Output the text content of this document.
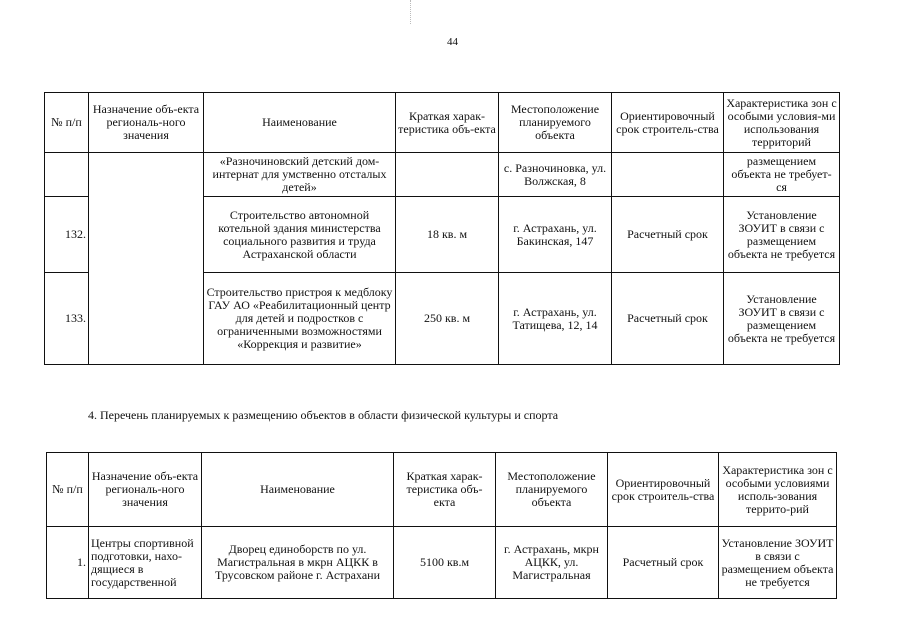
44
№ п/п	Назначение объ-екта региональ-ного значения	Наименование	Краткая харак-теристика объ-екта	Местоположение планируемого объекта	Ориентировочный срок строитель-ства	Характеристика зон с особыми условия-ми использования территорий
		«Разночиновский детский дом-интернат для умственно отсталых детей»		с. Разночиновка, ул. Волжская, 8		размещением объекта не требует-ся
132.		Строительство автономной котельной здания министерства социального развития и труда Астраханской области	18 кв. м	г. Астрахань, ул. Бакинская, 147	Расчетный срок	Установление ЗОУИТ в связи с размещением объекта не требуется
133.		Строительство пристроя к медблоку ГАУ АО «Реабилитационный центр для детей и подростков с ограниченными возможностями «Коррекция и развитие»	250 кв. м	г. Астрахань, ул. Татищева, 12, 14	Расчетный срок	Установление ЗОУИТ в связи с размещением объекта не требуется
4. Перечень планируемых к размещению объектов в области физической культуры и спорта
№ п/п	Назначение объ-екта региональ-ного значения	Наименование	Краткая харак-теристика объ-екта	Местоположение планируемого объекта	Ориентировочный срок строитель-ства	Характеристика зон с особыми условиями исполь-зования террито-рий
1.	Центры спортивной подготовки, нахо-дящиеся в государственной	Дворец единоборств по ул. Магистральная в мкрн АЦКК в Трусовском районе г. Астрахани	5100 кв.м	г. Астрахань, мкрн АЦКК, ул. Магистральная	Расчетный срок	Установление ЗОУИТ в связи с размещением объекта не требуется
